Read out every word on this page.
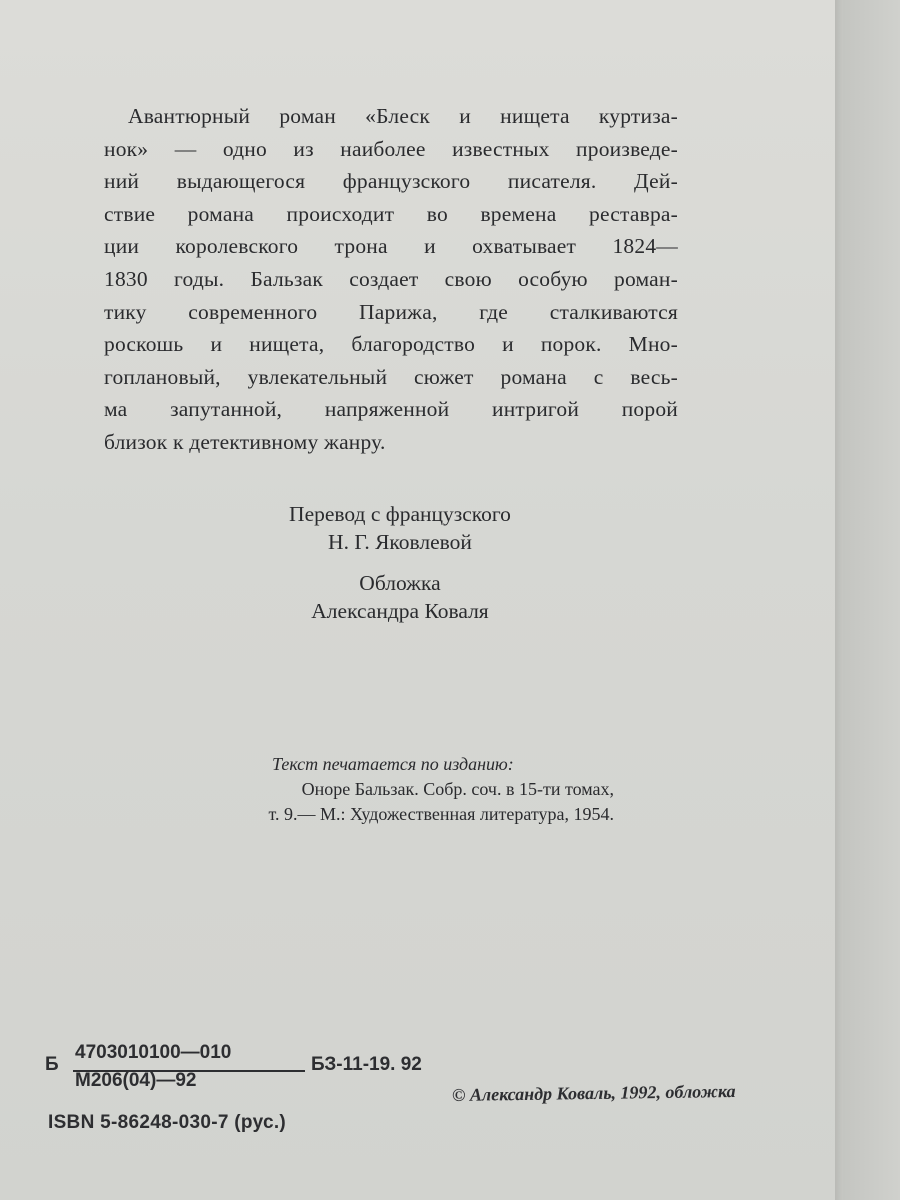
Авантюрный роман «Блеск и нищета куртиза-
нок» — одно из наиболее известных произведе-
ний выдающегося французского писателя. Дей-
ствие романа происходит во времена реставра-
ции королевского трона и охватывает 1824—
1830 годы. Бальзак создает свою особую роман-
тику современного Парижа, где сталкиваются
роскошь и нищета, благородство и порок. Мно-
гоплановый, увлекательный сюжет романа с весь-
ма запутанной, напряженной интригой порой
близок к детективному жанру.
Перевод с французского
Н. Г. Яковлевой
Обложка
Александра Коваля
Текст печатается по изданию:
Оноре Бальзак. Собр. соч. в 15-ти томах,
т. 9.— М.: Художественная литература, 1954.
Б
4703010100—010
М206(04)—92
БЗ-11-19. 92
ISBN 5-86248-030-7 (рус.)
© Александр Коваль, 1992, обложка
